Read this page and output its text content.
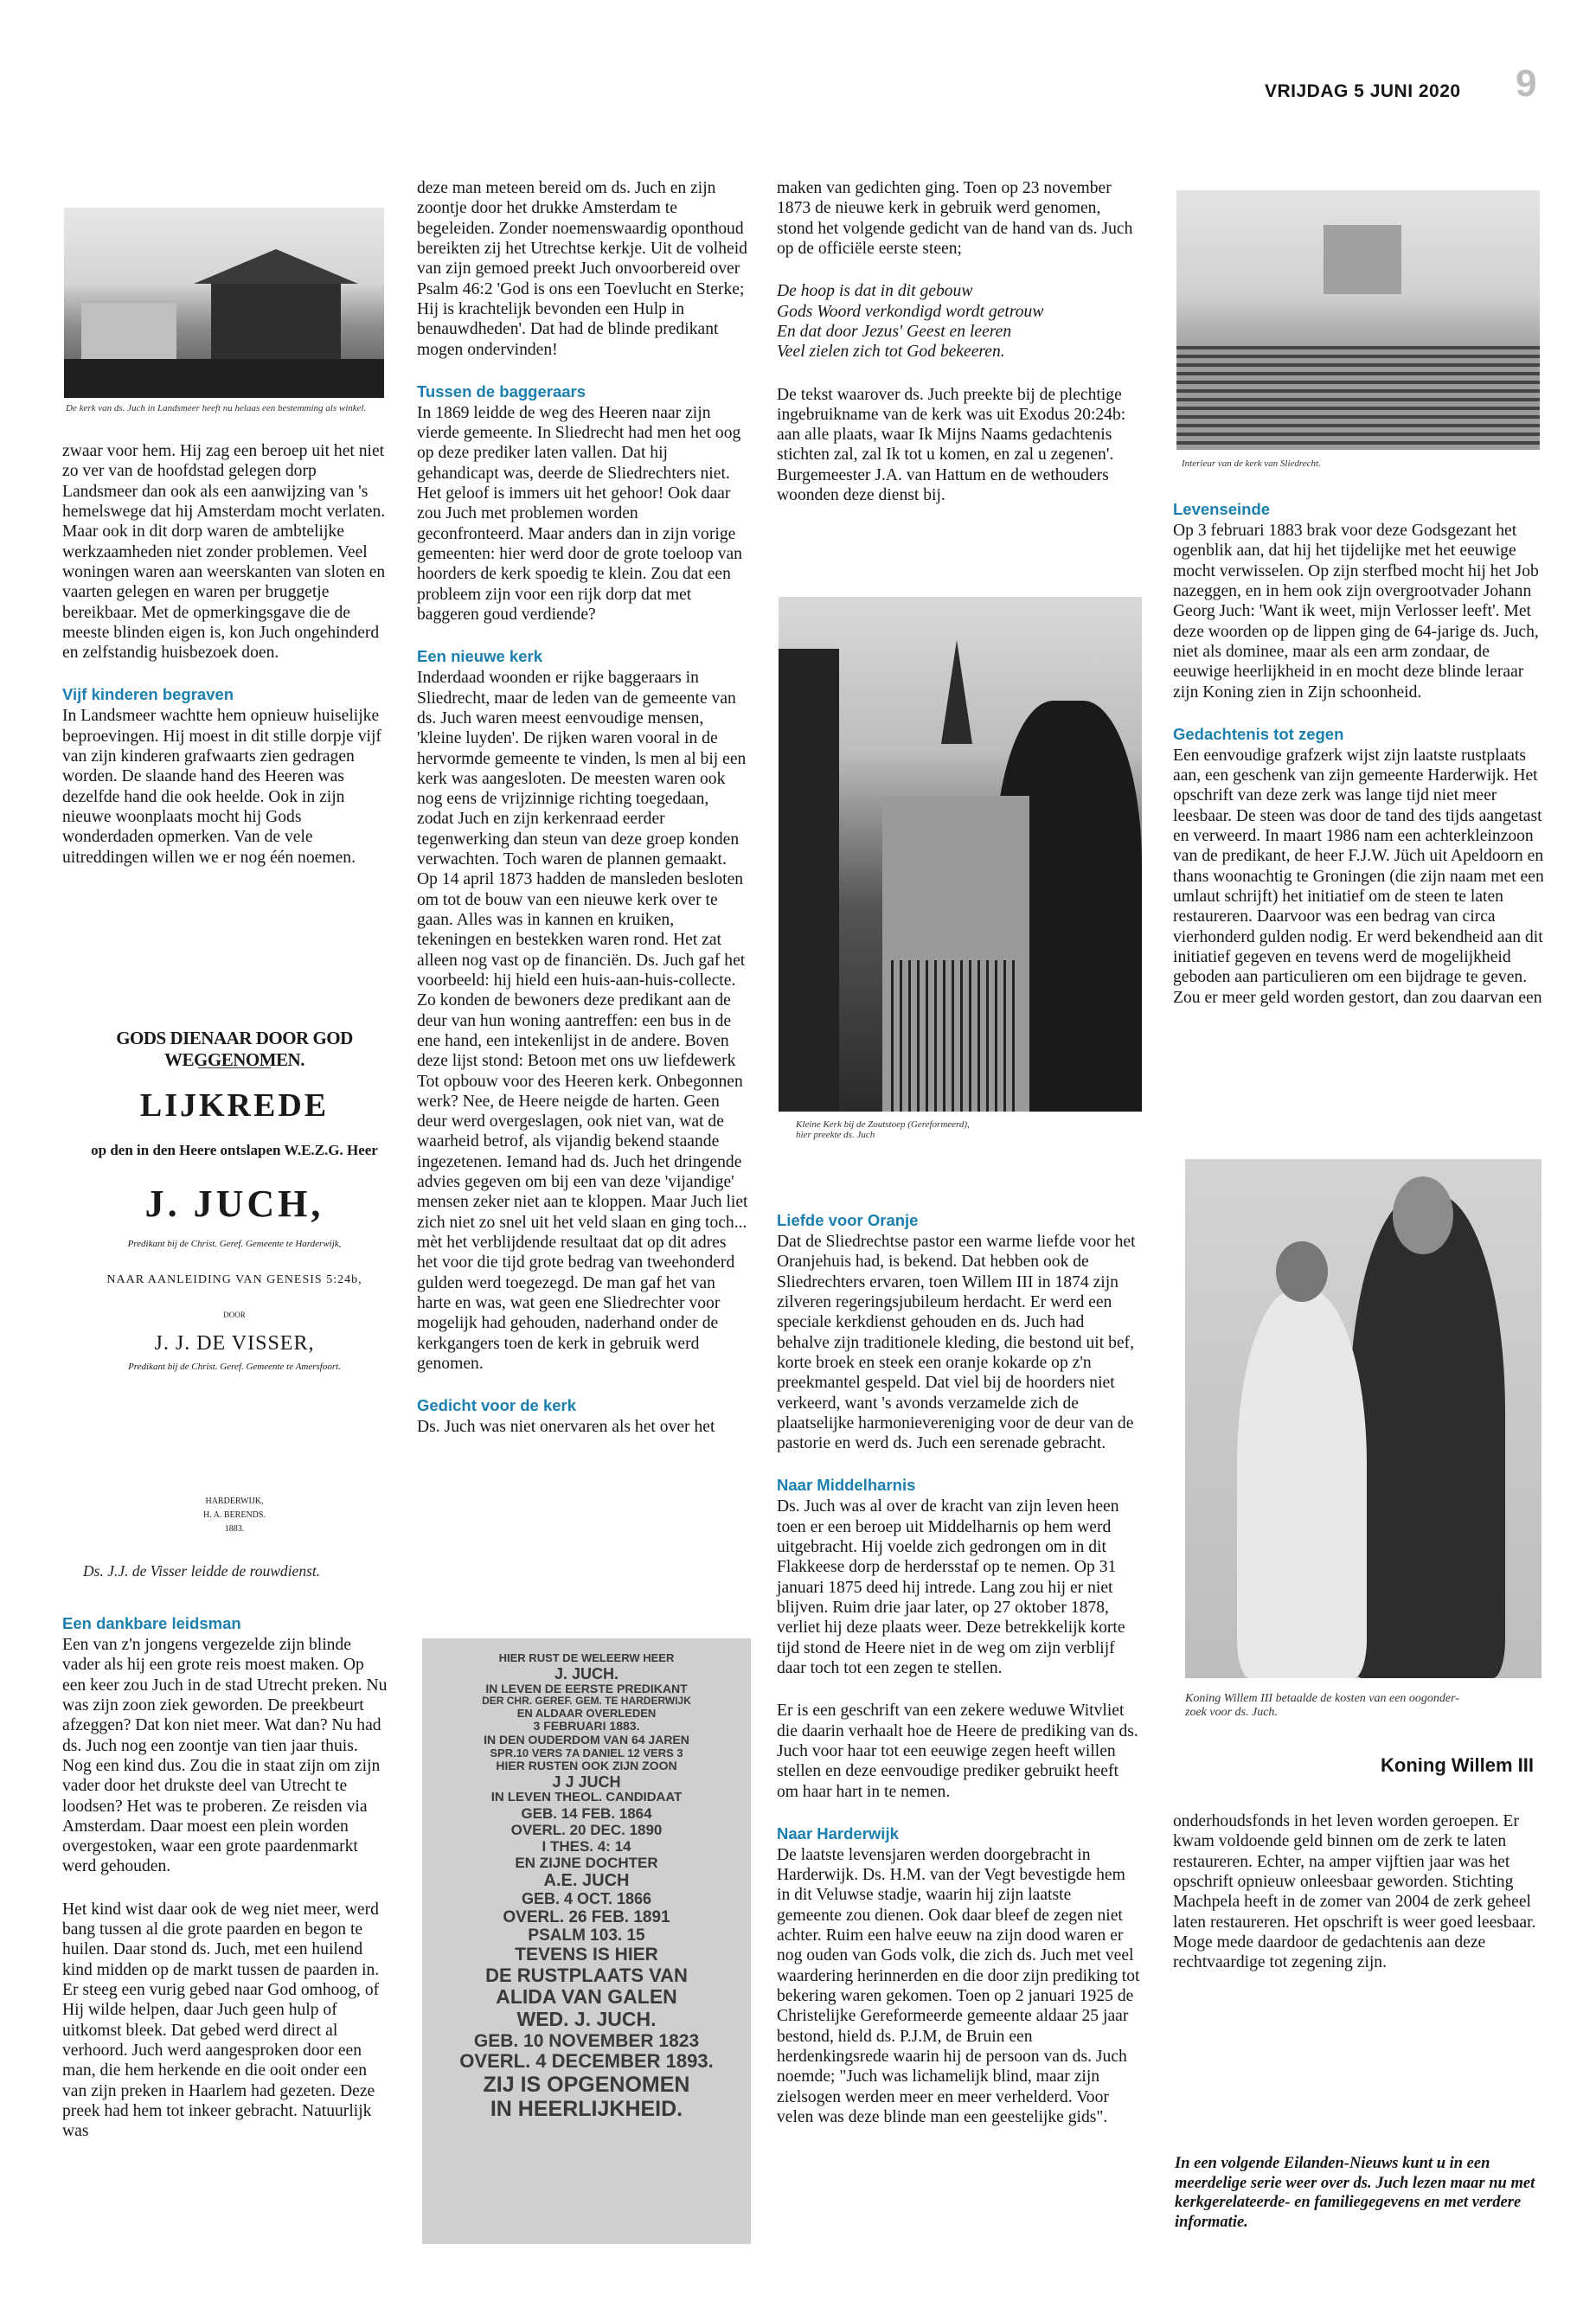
VRIJDAG 5 JUNI 2020 9
De kerk van ds. Juch in Landsmeer heeft nu helaas een bestemming als winkel.

zwaar voor hem. Hij zag een beroep uit het niet zo ver van de hoofdstad gelegen dorp Landsmeer dan ook als een aanwijzing van 's hemelswege dat hij Amsterdam mocht verlaten. Maar ook in dit dorp waren de ambtelijke werkzaamheden niet zonder problemen. Veel woningen waren aan weerskanten van sloten en vaarten gelegen en waren per bruggetje bereikbaar. Met de opmerkingsgave die de meeste blinden eigen is, kon Juch ongehinderd en zelfstandig huisbezoek doen.

Vijf kinderen begraven

In Landsmeer wachtte hem opnieuw huiselijke beproevingen. Hij moest in dit stille dorpje vijf van zijn kinderen grafwaarts zien gedragen worden. De slaande hand des Heeren was dezelfde hand die ook heelde. Ook in zijn nieuwe woonplaats mocht hij Gods wonderdaden opmerken. Van de vele uitreddingen willen we er nog één noemen.

GODS DIENAAR DOOR GOD WEGGENOMEN.
LIJKREDE
op den in den Heere ontslapen W.E.Z.G. Heer
J. JUCH,
Predikant bij de Christ. Geref. Gemeente te Harderwijk,
NAAR AANLEIDING VAN GENESIS 5:24b,
DOOR
J. J. DE VISSER,
Predikant bij de Christ. Geref. Gemeente te Amersfoort.
HARDERWIJK,
H. A. BERENDS.
1883.
Ds. J.J. de Visser leidde de rouwdienst.
Een dankbare leidsman

Een van z'n jongens vergezelde zijn blinde vader als hij een grote reis moest maken. Op een keer zou Juch in de stad Utrecht preken. Nu was zijn zoon ziek geworden. De preekbeurt afzeggen? Dat kon niet meer. Wat dan? Nu had ds. Juch nog een zoontje van tien jaar thuis. Nog een kind dus. Zou die in staat zijn om zijn vader door het drukste deel van Utrecht te loodsen? Het was te proberen. Ze reisden via Amsterdam. Daar moest een plein worden overgestoken, waar een grote paardenmarkt werd gehouden.

Het kind wist daar ook de weg niet meer, werd bang tussen al die grote paarden en begon te huilen. Daar stond ds. Juch, met een huilend kind midden op de markt tussen de paarden in. Er steeg een vurig gebed naar God omhoog, of Hij wilde helpen, daar Juch geen hulp of uitkomst bleek. Dat gebed werd direct al verhoord. Juch werd aangesproken door een man, die hem herkende en die ooit onder een van zijn preken in Haarlem had gezeten. Deze preek had hem tot inkeer gebracht. Natuurlijk was

deze man meteen bereid om ds. Juch en zijn zoontje door het drukke Amsterdam te begeleiden. Zonder noemenswaardig oponthoud bereikten zij het Utrechtse kerkje. Uit de volheid van zijn gemoed preekt Juch onvoorbereid over Psalm 46:2 'God is ons een Toevlucht en Sterke; Hij is krachtelijk bevonden een Hulp in benauwdheden'. Dat had de blinde predikant mogen ondervinden!

Tussen de baggeraars

In 1869 leidde de weg des Heeren naar zijn vierde gemeente. In Sliedrecht had men het oog op deze prediker laten vallen. Dat hij gehandicapt was, deerde de Sliedrechters niet. Het geloof is immers uit het gehoor! Ook daar zou Juch met problemen worden geconfronteerd. Maar anders dan in zijn vorige gemeenten: hier werd door de grote toeloop van hoorders de kerk spoedig te klein. Zou dat een probleem zijn voor een rijk dorp dat met baggeren goud verdiende?

Een nieuwe kerk

Inderdaad woonden er rijke baggeraars in Sliedrecht, maar de leden van de gemeente van ds. Juch waren meest eenvoudige mensen, 'kleine luyden'. De rijken waren vooral in de hervormde gemeente te vinden, ls men al bij een kerk was aangesloten. De meesten waren ook nog eens de vrijzinnige richting toegedaan, zodat Juch en zijn kerkenraad eerder tegenwerking dan steun van deze groep konden verwachten. Toch waren de plannen gemaakt. Op 14 april 1873 hadden de mansleden besloten om tot de bouw van een nieuwe kerk over te gaan. Alles was in kannen en kruiken, tekeningen en bestekken waren rond. Het zat alleen nog vast op de financiën. Ds. Juch gaf het voorbeeld: hij hield een huis-aan-huis-collecte. Zo konden de bewoners deze predikant aan de deur van hun woning aantreffen: een bus in de ene hand, een intekenlijst in de andere. Boven deze lijst stond: Betoon met ons uw liefdewerk Tot opbouw voor des Heeren kerk. Onbegonnen werk? Nee, de Heere neigde de harten. Geen deur werd overgeslagen, ook niet van, wat de waarheid betrof, als vijandig bekend staande ingezetenen. Iemand had ds. Juch het dringende advies gegeven om bij een van deze 'vijandige' mensen zeker niet aan te kloppen. Maar Juch liet zich niet zo snel uit het veld slaan en ging toch... mèt het verblijdende resultaat dat op dit adres het voor die tijd grote bedrag van tweehonderd gulden werd toegezegd. De man gaf het van harte en was, wat geen ene Sliedrechter voor mogelijk had gehouden, naderhand onder de kerkgangers toen de kerk in gebruik werd genomen.

Gedicht voor de kerk

Ds. Juch was niet onervaren als het over het

HIER RUST DE WELEERW HEER
J. JUCH.
IN LEVEN DE EERSTE PREDIKANT
DER CHR. GEREF. GEM. TE HARDERWIJK
EN ALDAAR OVERLEDEN
3 FEBRUARI 1883.
IN DEN OUDERDOM VAN 64 JAREN
SPR.10 VERS 7A DANIEL 12 VERS 3
HIER RUSTEN OOK ZIJN ZOON
J J JUCH
IN LEVEN THEOL. CANDIDAAT
GEB. 14 FEB. 1864
OVERL. 20 DEC. 1890
I THES. 4: 14
EN ZIJNE DOCHTER
A.E. JUCH
GEB. 4 OCT. 1866
OVERL. 26 FEB. 1891
PSALM 103. 15
TEVENS IS HIER
DE RUSTPLAATS VAN
ALIDA VAN GALEN
WED. J. JUCH.
GEB. 10 NOVEMBER 1823
OVERL. 4 DECEMBER 1893.
ZIJ IS OPGENOMEN
IN HEERLIJKHEID.

maken van gedichten ging. Toen op 23 november 1873 de nieuwe kerk in gebruik werd genomen, stond het volgende gedicht van de hand van ds. Juch op de officiële eerste steen;

De hoop is dat in dit gebouw
Gods Woord verkondigd wordt getrouw
En dat door Jezus' Geest en leeren
Veel zielen zich tot God bekeeren.

De tekst waarover ds. Juch preekte bij de plechtige ingebruikname van de kerk was uit Exodus 20:24b: aan alle plaats, waar Ik Mijns Naams gedachtenis stichten zal, zal Ik tot u komen, en zal u zegenen'. Burgemeester J.A. van Hattum en de wethouders woonden deze dienst bij.

Kleine Kerk bij de Zoutstoep (Gereformeerd),
hier preekte ds. Juch
Liefde voor Oranje

Dat de Sliedrechtse pastor een warme liefde voor het Oranjehuis had, is bekend. Dat hebben ook de Sliedrechters ervaren, toen Willem III in 1874 zijn zilveren regeringsjubileum herdacht. Er werd een speciale kerkdienst gehouden en ds. Juch had behalve zijn traditionele kleding, die bestond uit bef, korte broek en steek een oranje kokarde op z'n preekmantel gespeld. Dat viel bij de hoorders niet verkeerd, want 's avonds verzamelde zich de plaatselijke harmonievereniging voor de deur van de pastorie en werd ds. Juch een serenade gebracht.

Naar Middelharnis

Ds. Juch was al over de kracht van zijn leven heen toen er een beroep uit Middelharnis op hem werd uitgebracht. Hij voelde zich gedrongen om in dit Flakkeese dorp de herdersstaf op te nemen. Op 31 januari 1875 deed hij intrede. Lang zou hij er niet blijven. Ruim drie jaar later, op 27 oktober 1878, verliet hij deze plaats weer. Deze betrekkelijk korte tijd stond de Heere niet in de weg om zijn verblijf daar toch tot een zegen te stellen.

Er is een geschrift van een zekere weduwe Witvliet die daarin verhaalt hoe de Heere de prediking van ds. Juch voor haar tot een eeuwige zegen heeft willen stellen en deze eenvoudige prediker gebruikt heeft om haar hart in te nemen.

Naar Harderwijk

De laatste levensjaren werden doorgebracht in Harderwijk. Ds. H.M. van der Vegt bevestigde hem in dit Veluwse stadje, waarin hij zijn laatste gemeente zou dienen. Ook daar bleef de zegen niet achter. Ruim een halve eeuw na zijn dood waren er nog ouden van Gods volk, die zich ds. Juch met veel waardering herinnerden en die door zijn prediking tot bekering waren gekomen. Toen op 2 januari 1925 de Christelijke Gereformeerde gemeente aldaar 25 jaar bestond, hield ds. P.J.M, de Bruin een herdenkingsrede waarin hij de persoon van ds. Juch noemde; "Juch was lichamelijk blind, maar zijn zielsogen werden meer en meer verhelderd. Voor velen was deze blinde man een geestelijke gids".

Interieur van de kerk van Sliedrecht.
Levenseinde

Op 3 februari 1883 brak voor deze Godsgezant het ogenblik aan, dat hij het tijdelijke met het eeuwige mocht verwisselen. Op zijn sterfbed mocht hij het Job nazeggen, en in hem ook zijn overgrootvader Johann Georg Juch: 'Want ik weet, mijn Verlosser leeft'. Met deze woorden op de lippen ging de 64-jarige ds. Juch, niet als dominee, maar als een arm zondaar, de eeuwige heerlijkheid in en mocht deze blinde leraar zijn Koning zien in Zijn schoonheid.

Gedachtenis tot zegen

Een eenvoudige grafzerk wijst zijn laatste rustplaats aan, een geschenk van zijn gemeente Harderwijk. Het opschrift van deze zerk was lange tijd niet meer leesbaar. De steen was door de tand des tijds aangetast en verweerd. In maart 1986 nam een achterkleinzoon van de predikant, de heer F.J.W. Jüch uit Apeldoorn en thans woonachtig te Groningen (die zijn naam met een umlaut schrijft) het initiatief om de steen te laten restaureren. Daarvoor was een bedrag van circa vierhonderd gulden nodig. Er werd bekendheid aan dit initiatief gegeven en tevens werd de mogelijkheid geboden aan particulieren om een bijdrage te geven. Zou er meer geld worden gestort, dan zou daarvan een

Koning Willem III betaalde de kosten van een oogonder-
zoek voor ds. Juch.
Koning Willem III

onderhoudsfonds in het leven worden geroepen. Er kwam voldoende geld binnen om de zerk te laten restaureren. Echter, na amper vijftien jaar was het opschrift opnieuw onleesbaar geworden. Stichting Machpela heeft in de zomer van 2004 de zerk geheel laten restaureren. Het opschrift is weer goed leesbaar. Moge mede daardoor de gedachtenis aan deze rechtvaardige tot zegening zijn.

In een volgende Eilanden-Nieuws kunt u in een meerdelige serie weer over ds. Juch lezen maar nu met kerkgerelateerde- en familiegegevens en met verdere informatie.
